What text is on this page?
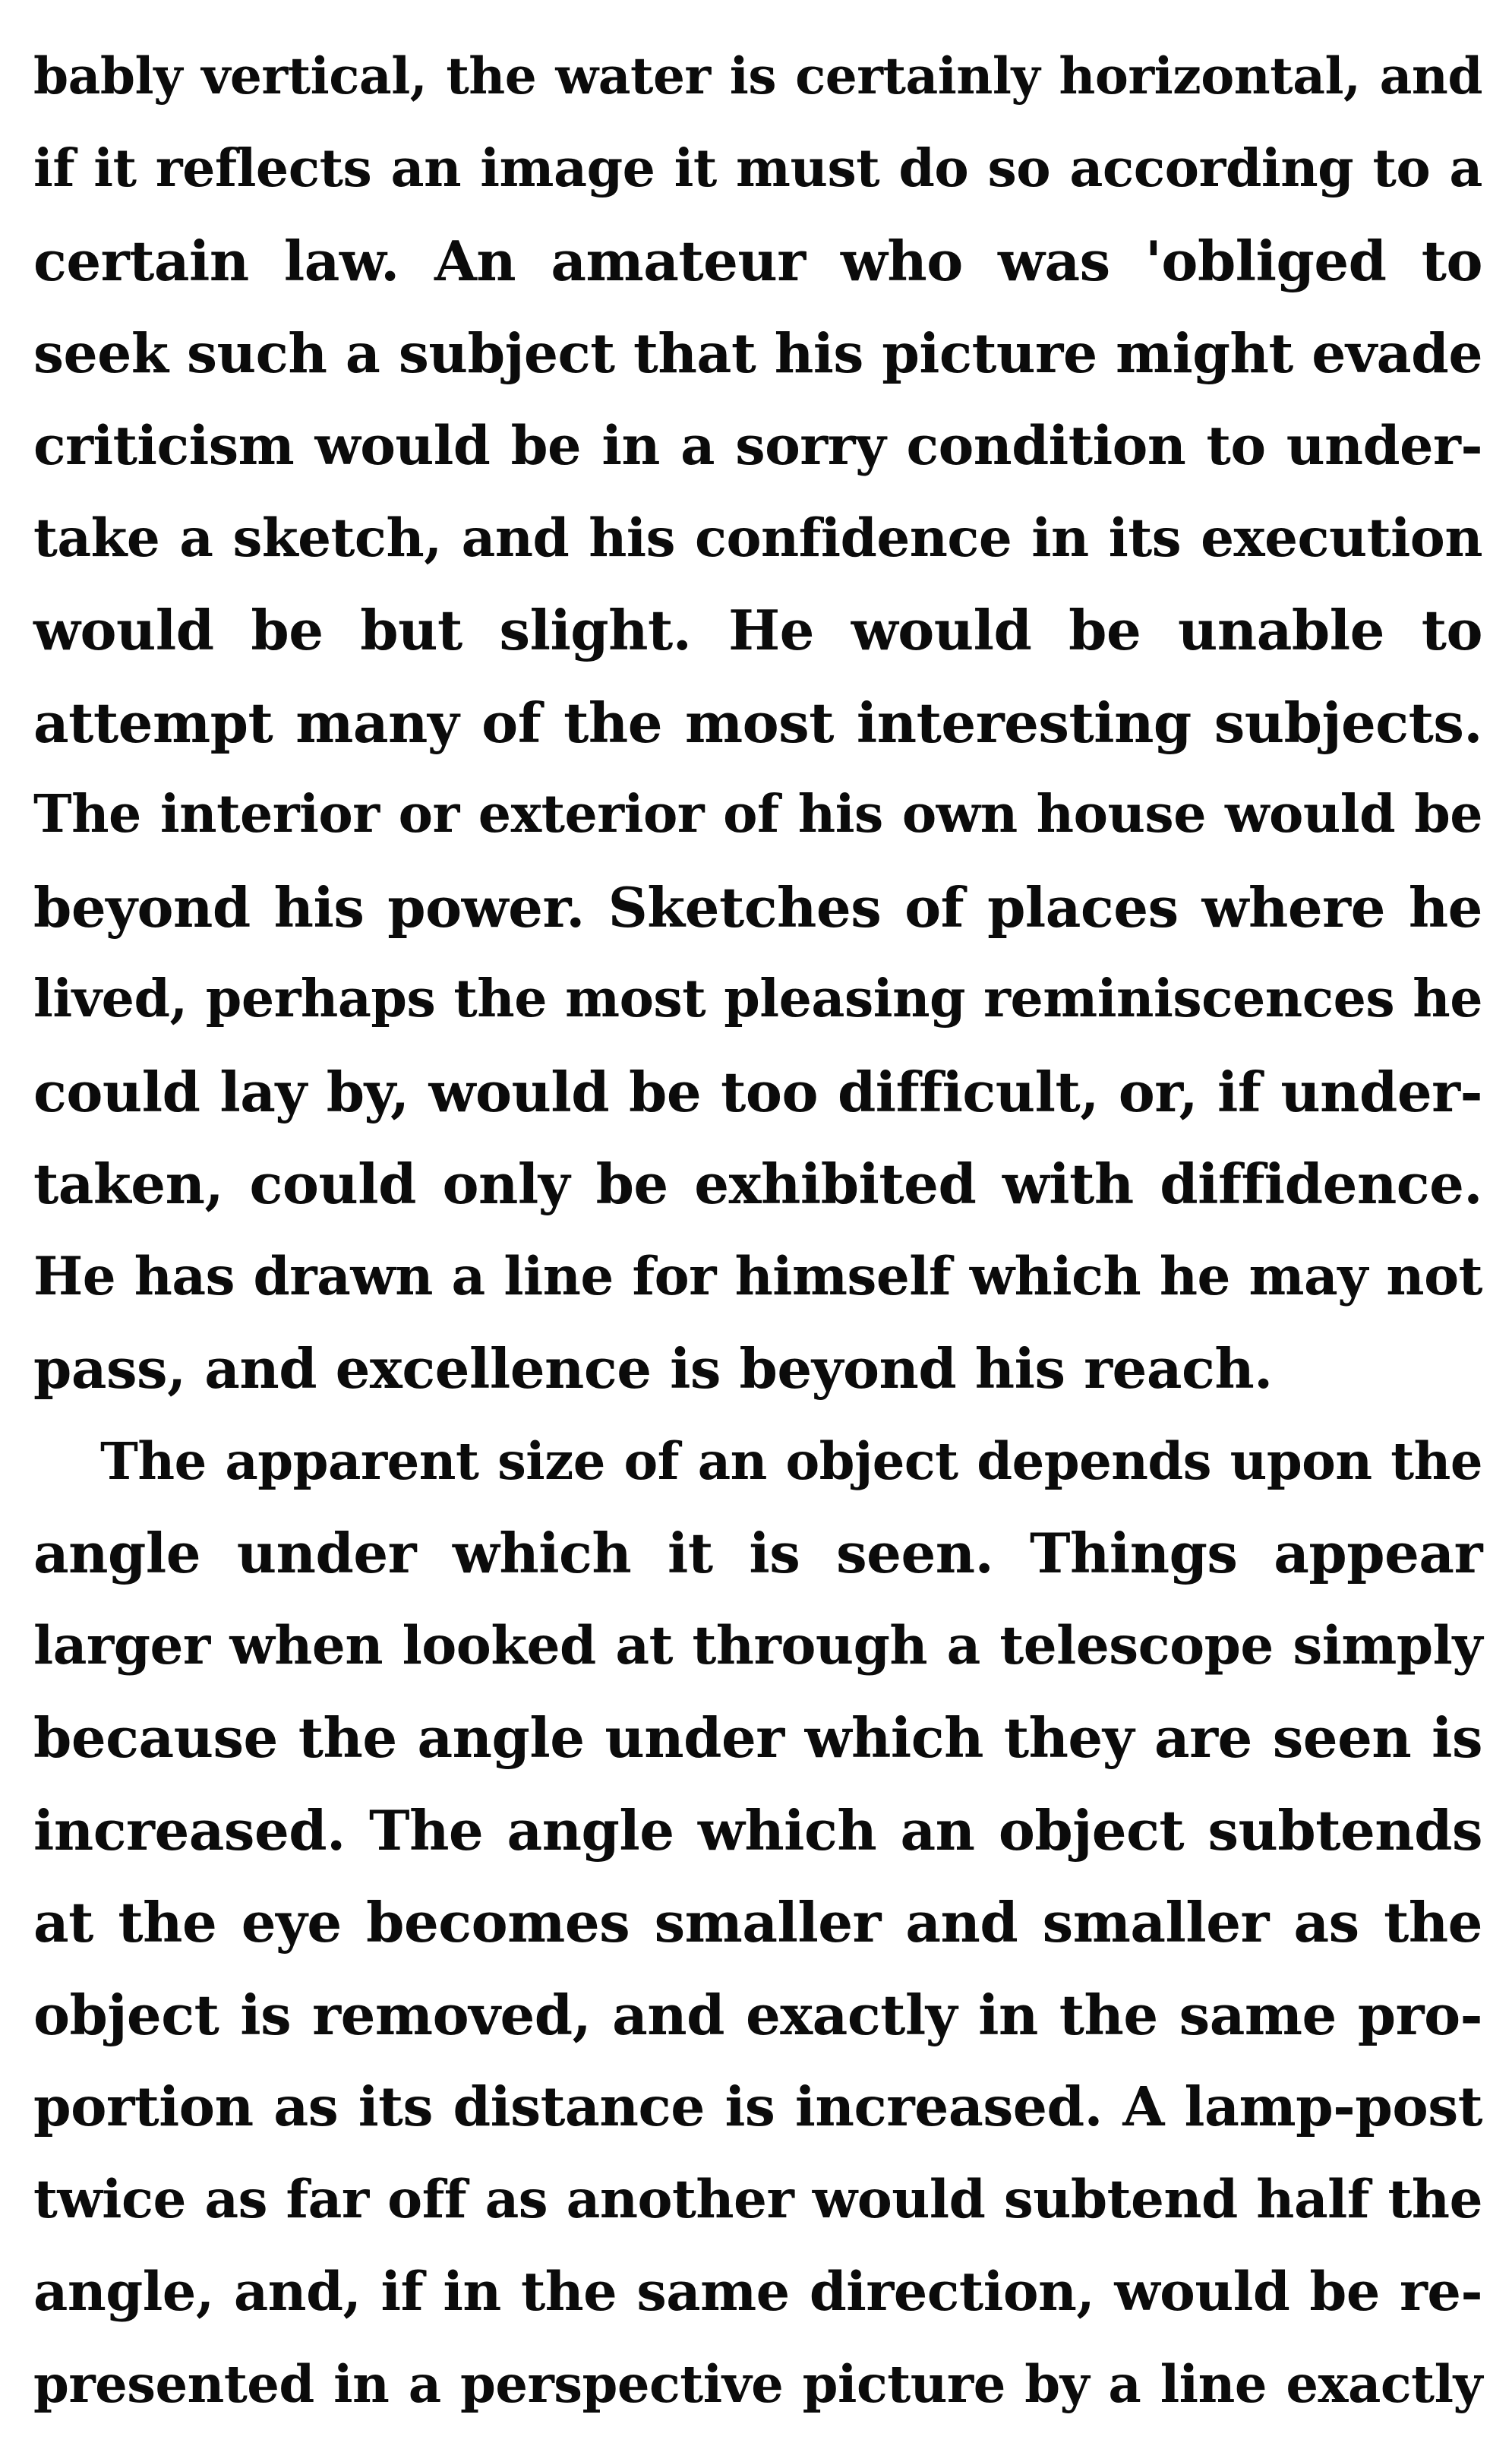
bably vertical, the water is certainly horizontal, and
if it reflects an image it must do so according to a
certain law. An amateur who was 'obliged to
seek such a subject that his picture might evade
criticism would be in a sorry condition to under-
take a sketch, and his confidence in its execution
would be but slight. He would be unable to
attempt many of the most interesting subjects.
The interior or exterior of his own house would be
beyond his power. Sketches of places where he
lived, perhaps the most pleasing reminiscences he
could lay by, would be too difficult, or, if under-
taken, could only be exhibited with diffidence.
He has drawn a line for himself which he may not
pass, and excellence is beyond his reach.
The apparent size of an object depends upon the
angle under which it is seen. Things appear
larger when looked at through a telescope simply
because the angle under which they are seen is
increased. The angle which an object subtends
at the eye becomes smaller and smaller as the
object is removed, and exactly in the same pro-
portion as its distance is increased. A lamp-post
twice as far off as another would subtend half the
angle, and, if in the same direction, would be re-
presented in a perspective picture by a line exactly
